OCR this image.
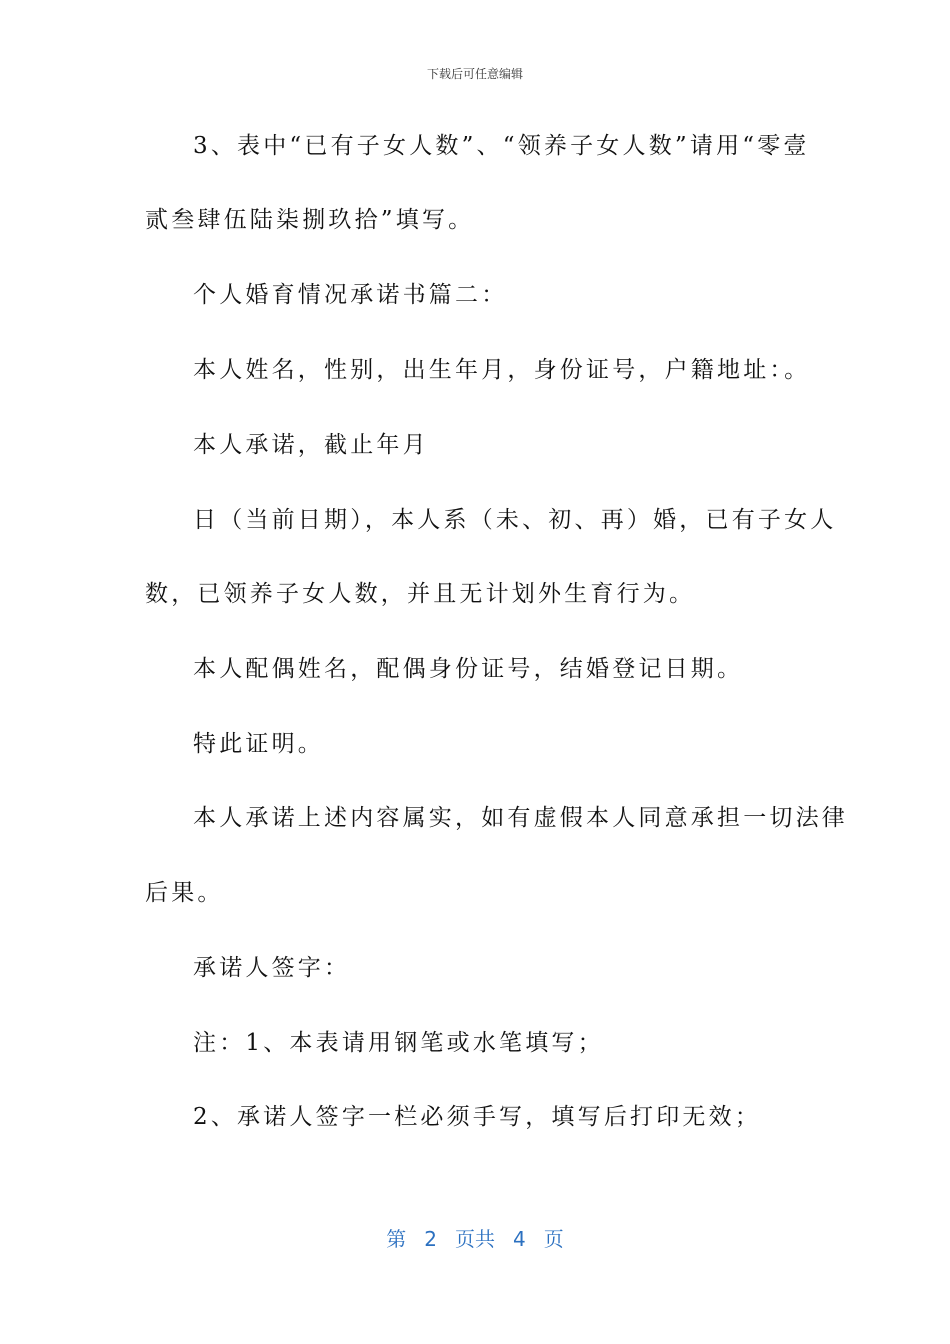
下载后可任意编辑
3、表中“已有子女人数”、“领养子女人数”请用“零壹
贰叁肆伍陆柒捌玖拾”填写。
个人婚育情况承诺书篇二：
本人姓名，性别，出生年月，身份证号，户籍地址：。
本人承诺，截止年月
日（当前日期），本人系（未、初、再）婚，已有子女人
数，已领养子女人数，并且无计划外生育行为。
本人配偶姓名，配偶身份证号，结婚登记日期。
特此证明。
本人承诺上述内容属实，如有虚假本人同意承担一切法律
后果。
承诺人签字：
注：1、本表请用钢笔或水笔填写；
2、承诺人签字一栏必须手写，填写后打印无效；
第 2 页共 4 页
